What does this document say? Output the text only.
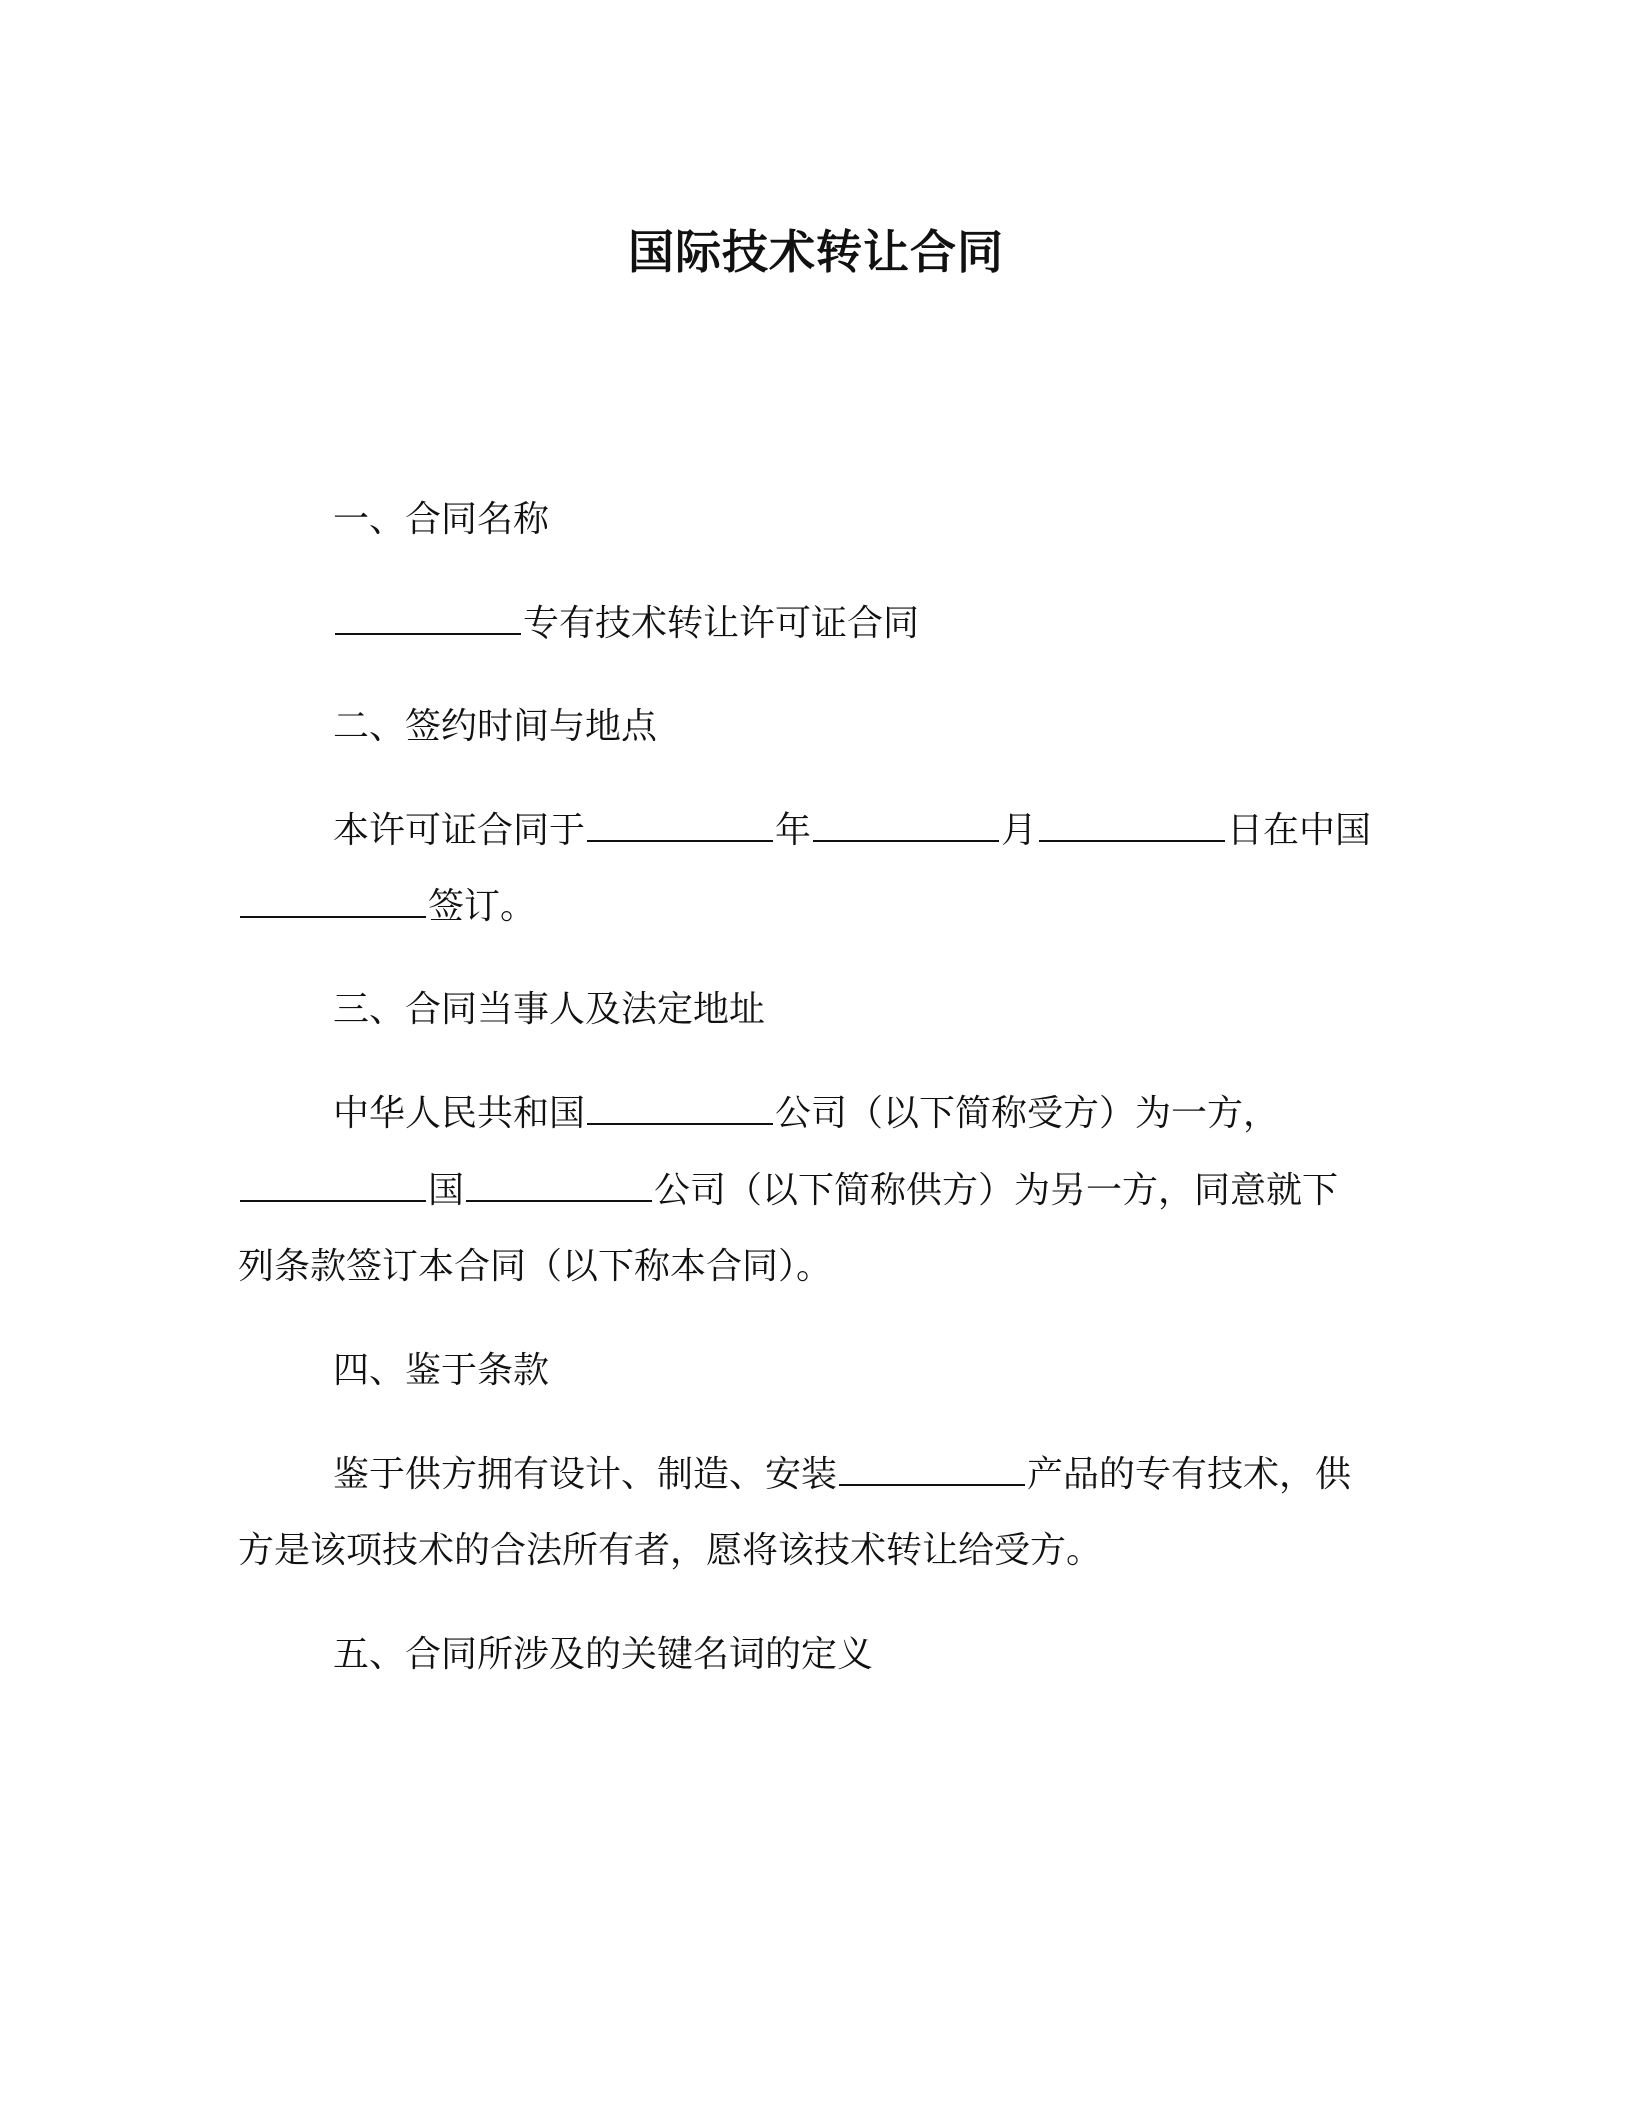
国际技术转让合同

一、合同名称

专有技术转让许可证合同

二、签约时间与地点

本许可证合同于	年	月	日在中国

签订。

三、合同当事人及法定地址

中华人民共和国	公司（以下简称受方）为一方，

国	公司（以下简称供方）为另一方，同意就下

列条款签订本合同（以下称本合同）。

四、鉴于条款

鉴于供方拥有设计、制造、安装	产品的专有技术，供

方是该项技术的合法所有者，愿将该技术转让给受方。

五、合同所涉及的关键名词的定义
